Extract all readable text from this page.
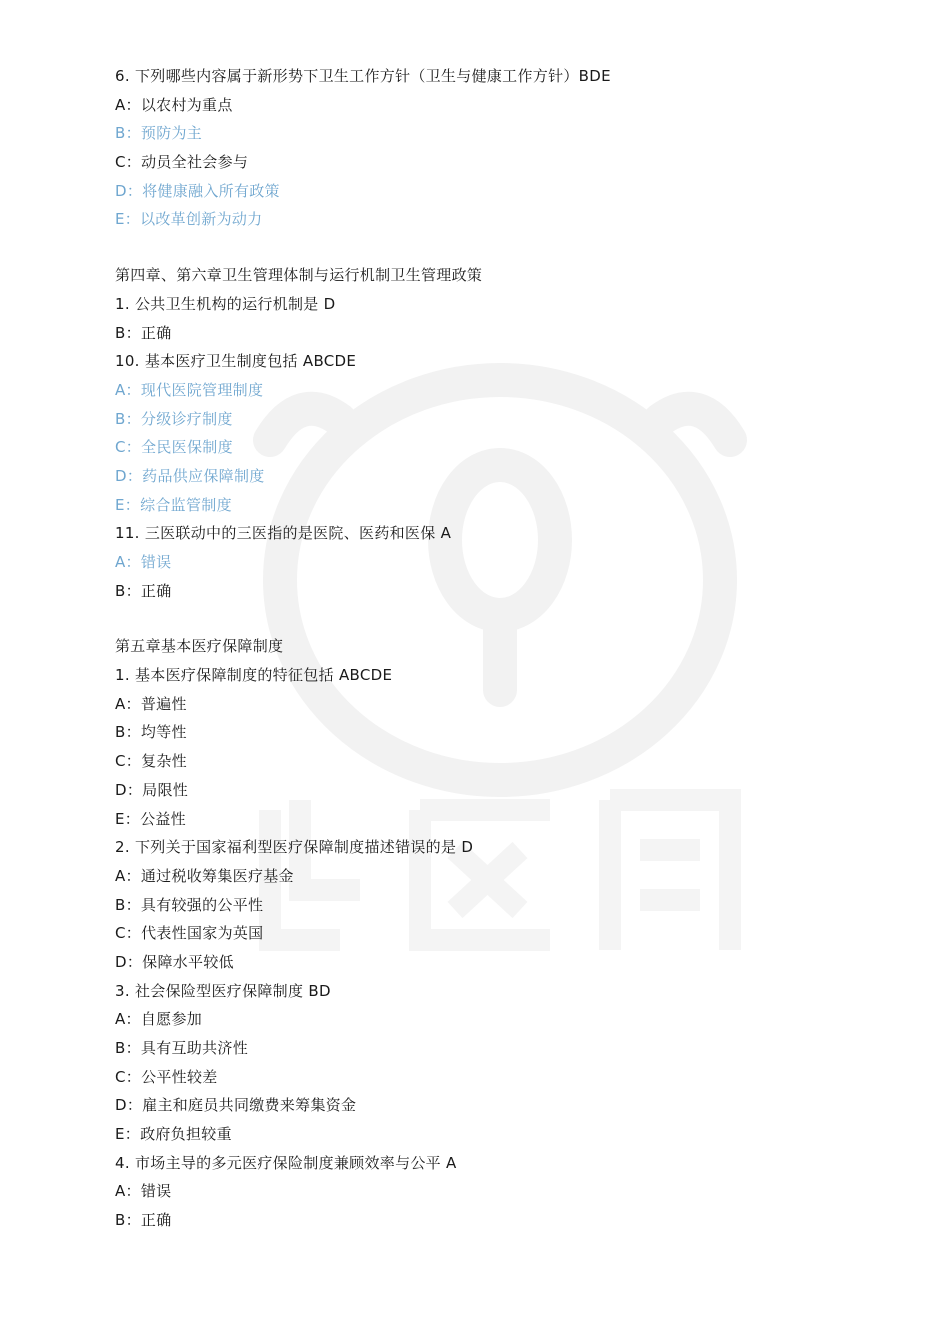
6. 下列哪些内容属于新形势下卫生工作方针（卫生与健康工作方针）BDE
A：以农村为重点
B：预防为主
C：动员全社会参与
D：将健康融入所有政策
E：以改革创新为动力
第四章、第六章卫生管理体制与运行机制卫生管理政策
1. 公共卫生机构的运行机制是 D
B：正确
10. 基本医疗卫生制度包括 ABCDE
A：现代医院管理制度
B：分级诊疗制度
C：全民医保制度
D：药品供应保障制度
E：综合监管制度
11. 三医联动中的三医指的是医院、医药和医保 A
A：错误
B：正确
第五章基本医疗保障制度
1. 基本医疗保障制度的特征包括 ABCDE
A：普遍性
B：均等性
C：复杂性
D：局限性
E：公益性
2. 下列关于国家福利型医疗保障制度描述错误的是 D
A：通过税收筹集医疗基金
B：具有较强的公平性
C：代表性国家为英国
D：保障水平较低
3. 社会保险型医疗保障制度 BD
A：自愿参加
B：具有互助共济性
C：公平性较差
D：雇主和庭员共同缴费来筹集资金
E：政府负担较重
4. 市场主导的多元医疗保险制度兼顾效率与公平 A
A：错误
B：正确
